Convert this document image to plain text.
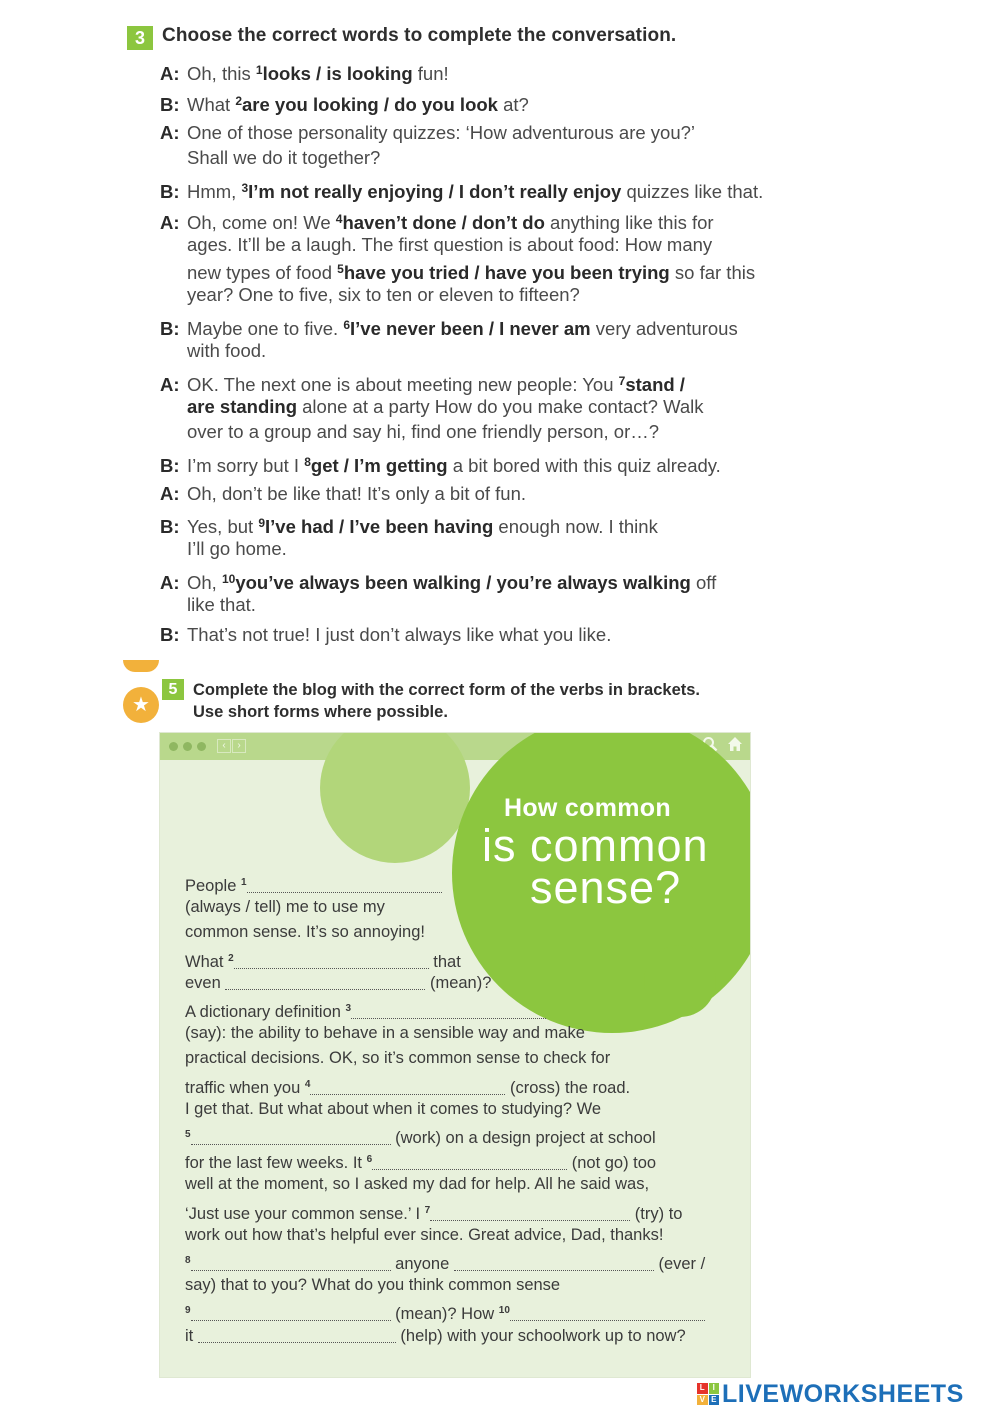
3 Choose the correct words to complete the conversation.
A: Oh, this $^1$looks / is looking fun!
B: What $^2$are you looking / do you look at?
A: One of those personality quizzes: ‘How adventurous are you?’
Shall we do it together?
B: Hmm, $^3$I’m not really enjoying / I don’t really enjoy quizzes like that.
A: Oh, come on! We $^4$haven’t done / don’t do anything like this for
ages. It’ll be a laugh. The first question is about food: How many
new types of food $^5$have you tried / have you been trying so far this
year? One to five, six to ten or eleven to fifteen?
B: Maybe one to five. $^6$I’ve never been / I never am very adventurous
with food.
A: OK. The next one is about meeting new people: You $^7$stand /
are standing alone at a party How do you make contact? Walk
over to a group and say hi, find one friendly person, or…?
B: I’m sorry but I $^8$get / I’m getting a bit bored with this quiz already.
A: Oh, don’t be like that! It’s only a bit of fun.
B: Yes, but $^9$I’ve had / I’ve been having enough now. I think
I’ll go home.
A: Oh, $^{10}$you’ve always been walking / you’re always walking off
like that.
B: That’s not true! I just don’t always like what you like.
★
5 Complete the blog with the correct form of the verbs in brackets.
Use short forms where possible.
‹	›
How common
is common
sense?
People $^1$
(always / tell) me to use my
common sense. It’s so annoying!
What $^2$	that
even	(mean)?
A dictionary definition $^3$
(say): the ability to behave in a sensible way and make
practical decisions. OK, so it’s common sense to check for
traffic when you $^4$	(cross) the road.
I get that. But what about when it comes to studying? We
$^5$	(work) on a design project at school
for the last few weeks. It $^6$	(not go) too
well at the moment, so I asked my dad for help. All he said was,
‘Just use your common sense.’ I $^7$	(try) to
work out how that’s helpful ever since. Great advice, Dad, thanks!
$^8$	anyone	(ever /
say) that to you? What do you think common sense
$^9$	(mean)? How $^{10}$
it	(help) with your schoolwork up to now?
L I
V E LIVEWORKSHEETS
